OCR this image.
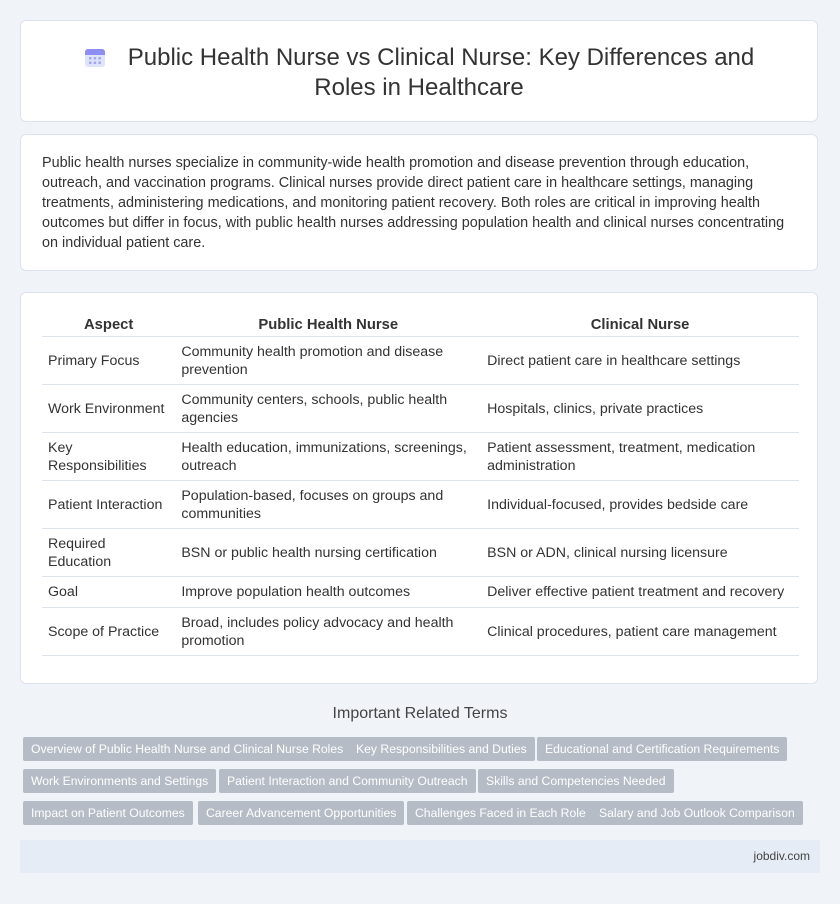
Public Health Nurse vs Clinical Nurse: Key Differences and Roles in Healthcare

Public health nurses specialize in community-wide health promotion and disease prevention through education, outreach, and vaccination programs. Clinical nurses provide direct patient care in healthcare settings, managing treatments, administering medications, and monitoring patient recovery. Both roles are critical in improving health outcomes but differ in focus, with public health nurses addressing population health and clinical nurses concentrating on individual patient care.

Aspect	Public Health Nurse	Clinical Nurse
Primary Focus	Community health promotion and disease prevention	Direct patient care in healthcare settings
Work Environment	Community centers, schools, public health agencies	Hospitals, clinics, private practices
Key Responsibilities	Health education, immunizations, screenings, outreach	Patient assessment, treatment, medication administration
Patient Interaction	Population-based, focuses on groups and communities	Individual-focused, provides bedside care
Required Education	BSN or public health nursing certification	BSN or ADN, clinical nursing licensure
Goal	Improve population health outcomes	Deliver effective patient treatment and recovery
Scope of Practice	Broad, includes policy advocacy and health promotion	Clinical procedures, patient care management
Important Related Terms
Overview of Public Health Nurse and Clinical Nurse Roles	Key Responsibilities and Duties	Educational and Certification Requirements
Work Environments and Settings	Patient Interaction and Community Outreach	Skills and Competencies Needed
Impact on Patient Outcomes	Career Advancement Opportunities	Challenges Faced in Each Role	Salary and Job Outlook Comparison
jobdiv.com
